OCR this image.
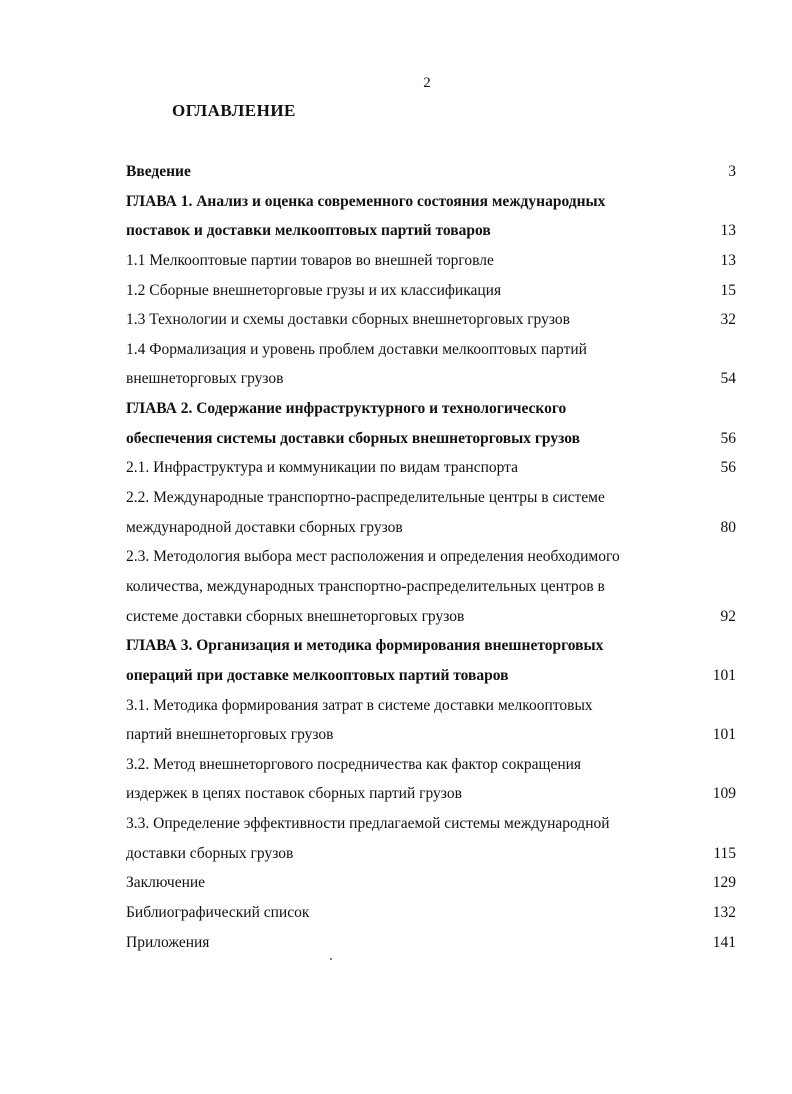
2
ОГЛАВЛЕНИЕ
Введение	3
ГЛАВА 1. Анализ и оценка современного состояния международных
поставок и доставки мелкооптовых партий товаров	13
1.1 Мелкооптовые партии товаров во внешней торговле	13
1.2 Сборные внешнеторговые грузы и их классификация	15
1.3 Технологии и схемы доставки сборных внешнеторговых грузов	32
1.4 Формализация и уровень проблем доставки мелкооптовых партий
внешнеторговых грузов	54
ГЛАВА 2. Содержание инфраструктурного и технологического
обеспечения системы доставки сборных внешнеторговых грузов	56
2.1. Инфраструктура и коммуникации по видам транспорта	56
2.2. Международные транспортно-распределительные центры в системе
международной доставки сборных грузов	80
2.3. Методология выбора мест расположения и определения необходимого
количества, международных транспортно-распределительных центров в
системе доставки сборных внешнеторговых грузов	92
ГЛАВА 3. Организация и методика формирования внешнеторговых
операций при доставке мелкооптовых партий товаров	101
3.1. Методика формирования затрат в системе доставки мелкооптовых
партий внешнеторговых грузов	101
3.2. Метод внешнеторгового посредничества как фактор сокращения
издержек в цепях поставок сборных партий грузов	109
3.3. Определение эффективности предлагаемой системы международной
доставки сборных грузов	115
Заключение	129
Библиографический список	132
Приложения	141
